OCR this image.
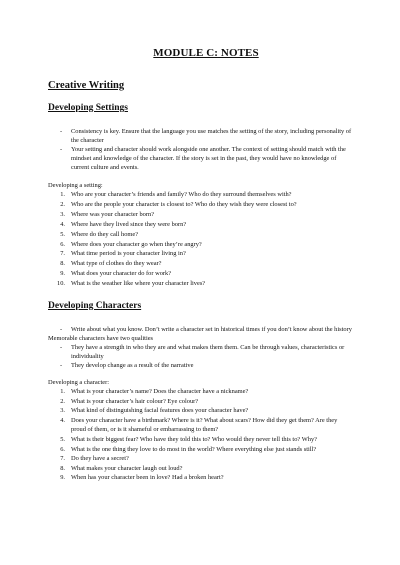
MODULE C: NOTES
Creative Writing
Developing Settings
- Consistency is key. Ensure that the language you use matches the setting of the story, including personality of the character
- Your setting and character should work alongside one another. The context of setting should match with the mindset and knowledge of the character. If the story is set in the past, they would have no knowledge of current culture and events.

Developing a setting:

1. Who are your character’s friends and family? Who do they surround themselves with?
2. Who are the people your character is closest to? Who do they wish they were closest to?
3. Where was your character born?
4. Where have they lived since they were born?
5. Where do they call home?
6. Where does your character go when they’re angry?
7. What time period is your character living in?
8. What type of clothes do they wear?
9. What does your character do for work?
10. What is the weather like where your character lives?
Developing Characters
- Write about what you know. Don’t write a character set in historical times if you don’t know about the history

Memorable characters have two qualities

- They have a strength in who they are and what makes them them. Can be through values, characteristics or individuality
- They develop change as a result of the narrative

Developing a character:

1. What is your character’s name? Does the character have a nickname?
2. What is your character’s hair colour? Eye colour?
3. What kind of distinguishing facial features does your character have?
4. Does your character have a birthmark? Where is it? What about scars? How did they get them? Are they proud of them, or is it shameful or embarrassing to them?
5. What is their biggest fear? Who have they told this to? Who would they never tell this to? Why?
6. What is the one thing they love to do most in the world? Where everything else just stands still?
7. Do they have a secret?
8. What makes your character laugh out loud?
9. When has your character been in love? Had a broken heart?
